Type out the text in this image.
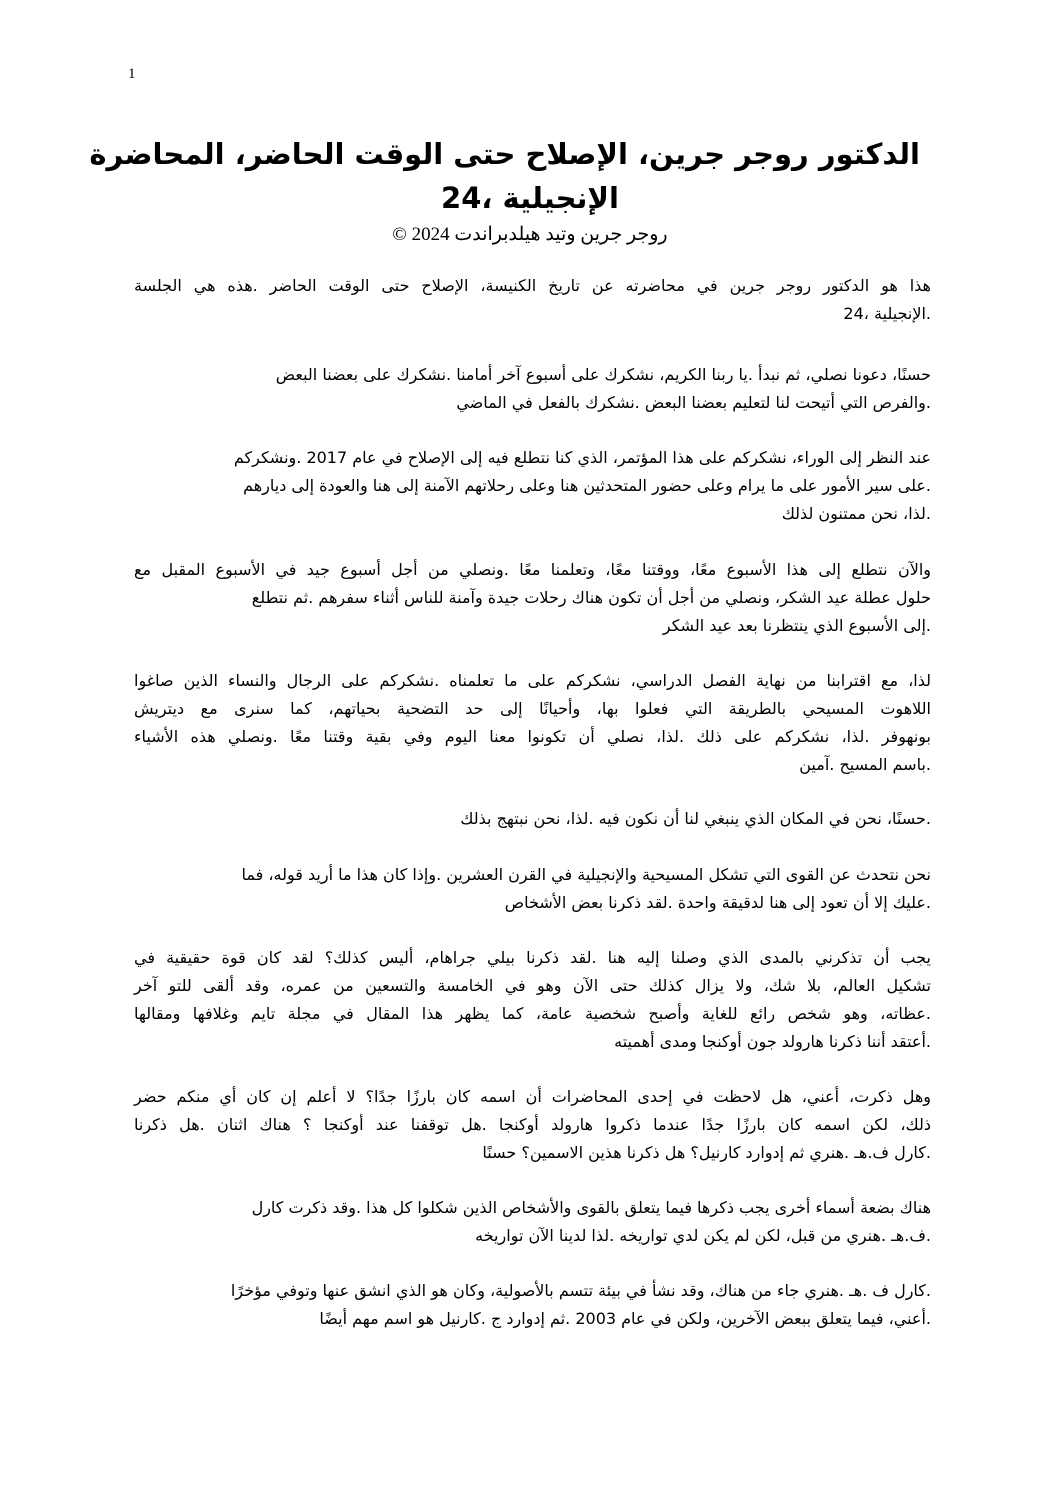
1
الدكتور روجر جرين، الإصلاح حتى الوقت الحاضر، المحاضرة
الإنجيلية ،24

روجر جرين وتيد هيلدبراندت 2024 ©

هذا هو الدكتور روجر جرين في محاضرته عن تاريخ الكنيسة، الإصلاح حتى الوقت الحاضر .هذه هي الجلسة
.الإنجيلية ،24

حسنًا، دعونا نصلي، ثم نبدأ .يا ربنا الكريم، نشكرك على أسبوع آخر أمامنا .نشكرك على بعضنا البعض
.والفرص التي أتيحت لنا لتعليم بعضنا البعض .نشكرك بالفعل في الماضي

عند النظر إلى الوراء، نشكركم على هذا المؤتمر، الذي كنا نتطلع فيه إلى الإصلاح في عام 2017 .ونشكركم
.على سير الأمور على ما يرام وعلى حضور المتحدثين هنا وعلى رحلاتهم الآمنة إلى هنا والعودة إلى ديارهم
.لذا، نحن ممتنون لذلك

والآن نتطلع إلى هذا الأسبوع معًا، ووقتنا معًا، وتعلمنا معًا .ونصلي من أجل أسبوع جيد في الأسبوع المقبل مع
حلول عطلة عيد الشكر، ونصلي من أجل أن تكون هناك رحلات جيدة وآمنة للناس أثناء سفرهم .ثم نتطلع
.إلى الأسبوع الذي ينتظرنا بعد عيد الشكر

لذا، مع اقترابنا من نهاية الفصل الدراسي، نشكركم على ما تعلمناه .نشكركم على الرجال والنساء الذين صاغوا
اللاهوت المسيحي بالطريقة التي فعلوا بها، وأحيانًا إلى حد التضحية بحياتهم، كما سنرى مع ديتريش
بونهوفر .لذا، نشكركم على ذلك .لذا، نصلي أن تكونوا معنا اليوم وفي بقية وقتنا معًا .ونصلي هذه الأشياء
.باسم المسيح .آمين

.حسنًا، نحن في المكان الذي ينبغي لنا أن نكون فيه .لذا، نحن نبتهج بذلك

نحن نتحدث عن القوى التي تشكل المسيحية والإنجيلية في القرن العشرين .وإذا كان هذا ما أريد قوله، فما
.عليك إلا أن تعود إلى هنا لدقيقة واحدة .لقد ذكرنا بعض الأشخاص

يجب أن تذكرني بالمدى الذي وصلنا إليه هنا .لقد ذكرنا بيلي جراهام، أليس كذلك؟ لقد كان قوة حقيقية في
تشكيل العالم، بلا شك، ولا يزال كذلك حتى الآن وهو في الخامسة والتسعين من عمره، وقد ألقى للتو آخر
.عظاته، وهو شخص رائع للغاية وأصبح شخصية عامة، كما يظهر هذا المقال في مجلة تايم وغلافها ومقالها
.أعتقد أننا ذكرنا هارولد جون أوكنجا ومدى أهميته

وهل ذكرت، أعني، هل لاحظت في إحدى المحاضرات أن اسمه كان بارزًا جدًا؟ لا أعلم إن كان أي منكم حضر
ذلك، لكن اسمه كان بارزًا جدًا عندما ذكروا هارولد أوكنجا .هل توقفنا عند أوكنجا ؟ هناك اثنان .هل ذكرنا
.كارل ف.هـ .هنري ثم إدوارد كارنيل؟ هل ذكرنا هذين الاسمين؟ حسنًا

هناك بضعة أسماء أخرى يجب ذكرها فيما يتعلق بالقوى والأشخاص الذين شكلوا كل هذا .وقد ذكرت كارل
.ف.هـ .هنري من قبل، لكن لم يكن لدي تواريخه .لذا لدينا الآن تواريخه

.كارل ف .هـ .هنري جاء من هناك، وقد نشأ في بيئة تتسم بالأصولية، وكان هو الذي انشق عنها وتوفي مؤخرًا
.أعني، فيما يتعلق ببعض الآخرين، ولكن في عام 2003 .ثم إدوارد ج .كارنيل هو اسم مهم أيضًا
